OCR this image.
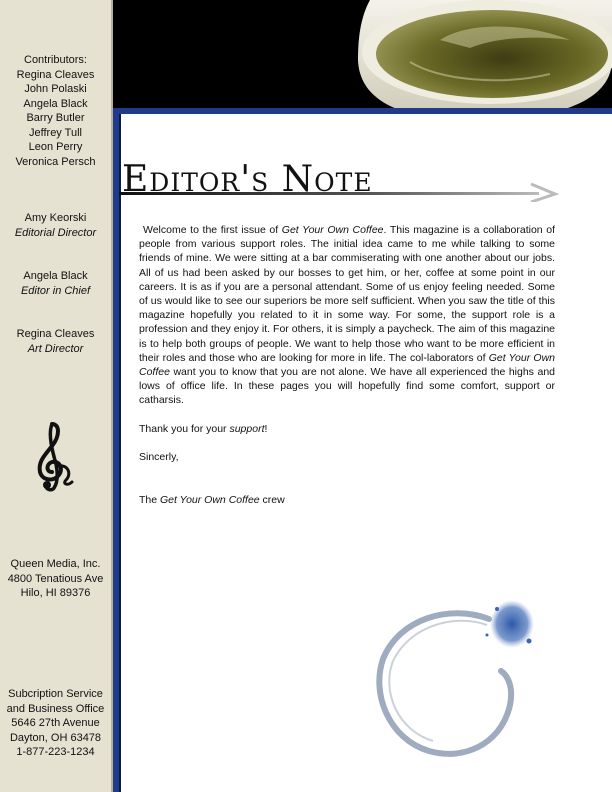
Contributors:
Regina Cleaves
John Polaski
Angela Black
Barry Butler
Jeffrey Tull
Leon Perry
Veronica Persch
Amy Keorski
Editorial Director
Angela Black
Editor in Chief
Regina Cleaves
Art Director
Queen Media, Inc.
4800 Tenatious Ave
Hilo, HI 89376
Subcription Service
and Business Office
5646 27th Avenue
Dayton, OH 63478
1-877-223-1234
Editor's Note

Welcome to the first issue of Get Your Own Coffee. This magazine is a collaboration of people from various support roles. The initial idea came to me while talking to some friends of mine. We were sitting at a bar commiserating with one another about our jobs. All of us had been asked by our bosses to get him, or her, coffee at some point in our careers. It is as if you are a personal attendant. Some of us enjoy feeling needed. Some of us would like to see our superiors be more self sufficient. When you saw the title of this magazine hopefully you related to it in some way. For some, the support role is a profession and they enjoy it. For others, it is simply a paycheck. The aim of this magazine is to help both groups of people. We want to help those who want to be more efficient in their roles and those who are looking for more in life. The col-laborators of Get Your Own Coffee want you to know that you are not alone. We have all experienced the highs and lows of office life. In these pages you will hopefully find some comfort, support or catharsis.

Thank you for your support!

Sincerly,

The Get Your Own Coffee crew
